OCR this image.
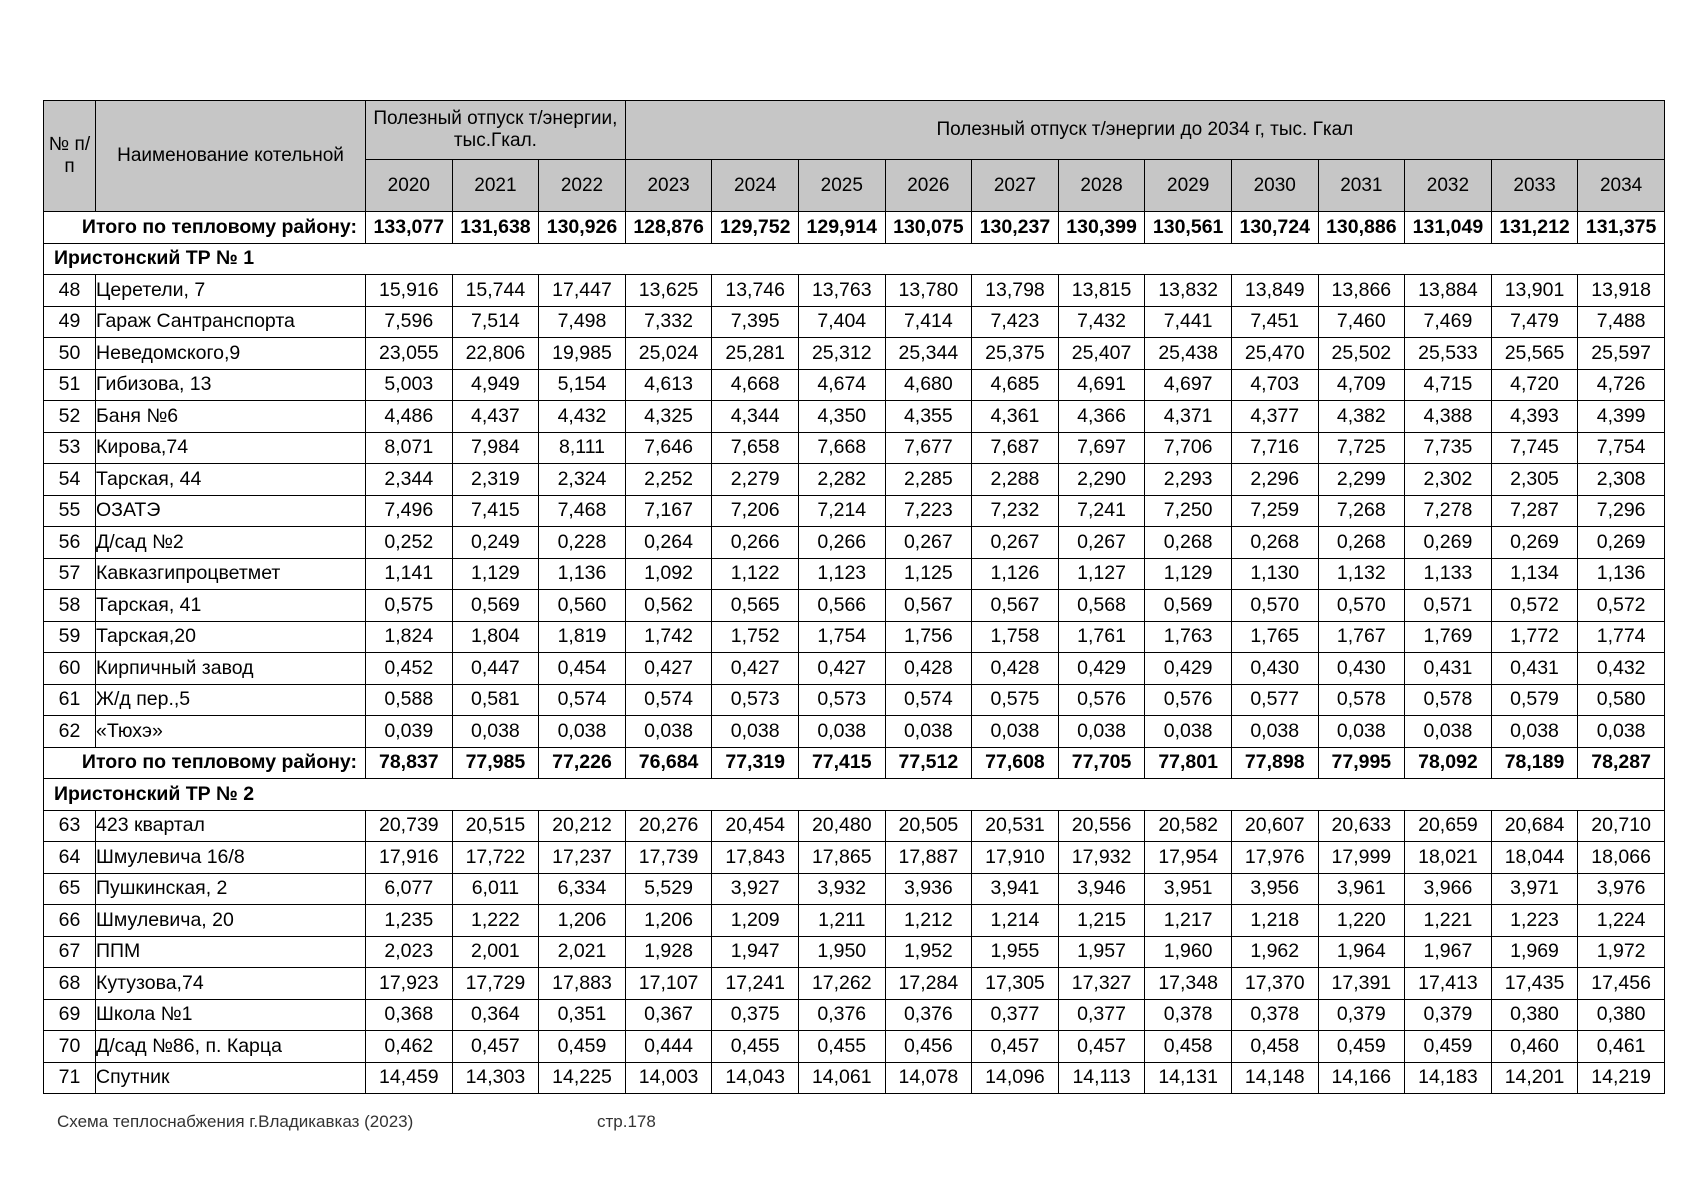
№ п/п	Наименование котельной	Полезный отпуск т/энергии, тыс.Гкал.			Полезный отпуск т/энергии до 2034 г, тыс. Гкал											
		2020	2021	2022	2023	2024	2025	2026	2027	2028	2029	2030	2031	2032	2033	2034
Итого по тепловому району:		133,077	131,638	130,926	128,876	129,752	129,914	130,075	130,237	130,399	130,561	130,724	130,886	131,049	131,212	131,375
Иристонский ТР № 1																
48	Церетели, 7	15,916	15,744	17,447	13,625	13,746	13,763	13,780	13,798	13,815	13,832	13,849	13,866	13,884	13,901	13,918
49	Гараж Сантранспорта	7,596	7,514	7,498	7,332	7,395	7,404	7,414	7,423	7,432	7,441	7,451	7,460	7,469	7,479	7,488
50	Неведомского,9	23,055	22,806	19,985	25,024	25,281	25,312	25,344	25,375	25,407	25,438	25,470	25,502	25,533	25,565	25,597
51	Гибизова, 13	5,003	4,949	5,154	4,613	4,668	4,674	4,680	4,685	4,691	4,697	4,703	4,709	4,715	4,720	4,726
52	Баня №6	4,486	4,437	4,432	4,325	4,344	4,350	4,355	4,361	4,366	4,371	4,377	4,382	4,388	4,393	4,399
53	Кирова,74	8,071	7,984	8,111	7,646	7,658	7,668	7,677	7,687	7,697	7,706	7,716	7,725	7,735	7,745	7,754
54	Тарская, 44	2,344	2,319	2,324	2,252	2,279	2,282	2,285	2,288	2,290	2,293	2,296	2,299	2,302	2,305	2,308
55	ОЗАТЭ	7,496	7,415	7,468	7,167	7,206	7,214	7,223	7,232	7,241	7,250	7,259	7,268	7,278	7,287	7,296
56	Д/сад №2	0,252	0,249	0,228	0,264	0,266	0,266	0,267	0,267	0,267	0,268	0,268	0,268	0,269	0,269	0,269
57	Кавказгипроцветмет	1,141	1,129	1,136	1,092	1,122	1,123	1,125	1,126	1,127	1,129	1,130	1,132	1,133	1,134	1,136
58	Тарская, 41	0,575	0,569	0,560	0,562	0,565	0,566	0,567	0,567	0,568	0,569	0,570	0,570	0,571	0,572	0,572
59	Тарская,20	1,824	1,804	1,819	1,742	1,752	1,754	1,756	1,758	1,761	1,763	1,765	1,767	1,769	1,772	1,774
60	Кирпичный завод	0,452	0,447	0,454	0,427	0,427	0,427	0,428	0,428	0,429	0,429	0,430	0,430	0,431	0,431	0,432
61	Ж/д пер.,5	0,588	0,581	0,574	0,574	0,573	0,573	0,574	0,575	0,576	0,576	0,577	0,578	0,578	0,579	0,580
62	«Тюхэ»	0,039	0,038	0,038	0,038	0,038	0,038	0,038	0,038	0,038	0,038	0,038	0,038	0,038	0,038	0,038
Итого по тепловому району:		78,837	77,985	77,226	76,684	77,319	77,415	77,512	77,608	77,705	77,801	77,898	77,995	78,092	78,189	78,287
Иристонский ТР № 2																
63	423 квартал	20,739	20,515	20,212	20,276	20,454	20,480	20,505	20,531	20,556	20,582	20,607	20,633	20,659	20,684	20,710
64	Шмулевича 16/8	17,916	17,722	17,237	17,739	17,843	17,865	17,887	17,910	17,932	17,954	17,976	17,999	18,021	18,044	18,066
65	Пушкинская, 2	6,077	6,011	6,334	5,529	3,927	3,932	3,936	3,941	3,946	3,951	3,956	3,961	3,966	3,971	3,976
66	Шмулевича, 20	1,235	1,222	1,206	1,206	1,209	1,211	1,212	1,214	1,215	1,217	1,218	1,220	1,221	1,223	1,224
67	ППМ	2,023	2,001	2,021	1,928	1,947	1,950	1,952	1,955	1,957	1,960	1,962	1,964	1,967	1,969	1,972
68	Кутузова,74	17,923	17,729	17,883	17,107	17,241	17,262	17,284	17,305	17,327	17,348	17,370	17,391	17,413	17,435	17,456
69	Школа №1	0,368	0,364	0,351	0,367	0,375	0,376	0,376	0,377	0,377	0,378	0,378	0,379	0,379	0,380	0,380
70	Д/сад №86, п. Карца	0,462	0,457	0,459	0,444	0,455	0,455	0,456	0,457	0,457	0,458	0,458	0,459	0,459	0,460	0,461
71	Спутник	14,459	14,303	14,225	14,003	14,043	14,061	14,078	14,096	14,113	14,131	14,148	14,166	14,183	14,201	14,219
Схема теплоснабжения г.Владикавказ (2023)	стр.178
